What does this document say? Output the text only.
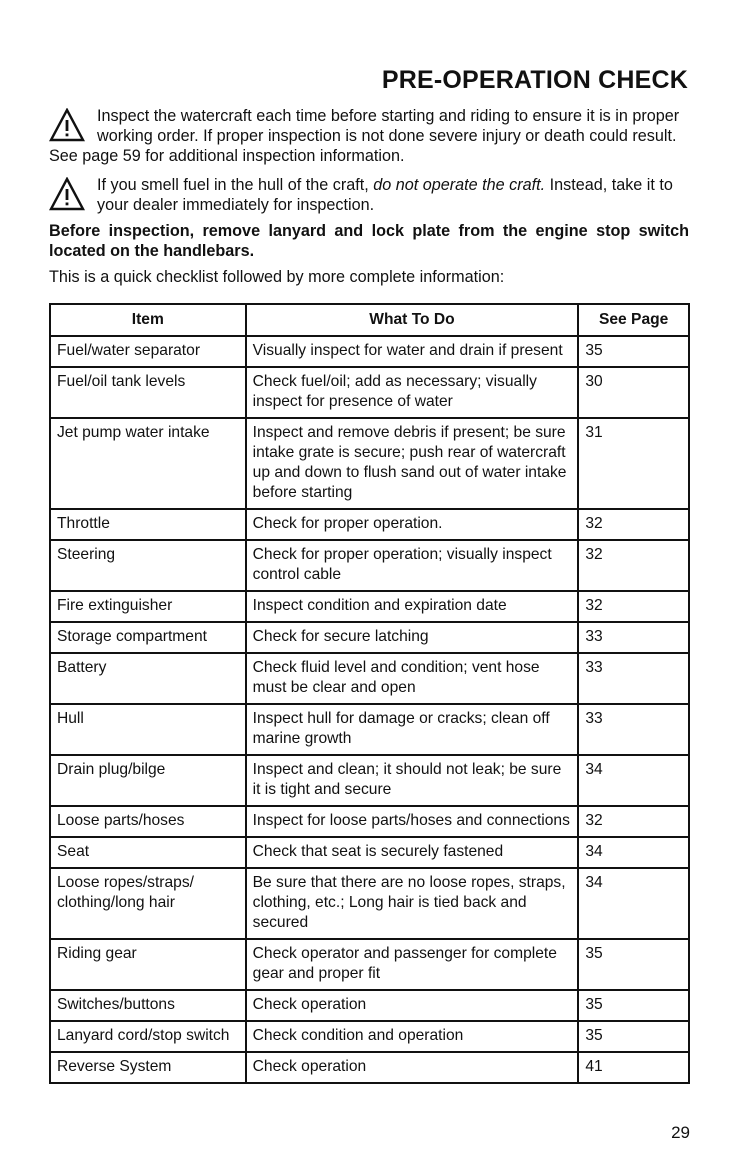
PRE-OPERATION CHECK
Inspect the watercraft each time before starting and riding to ensure it is in proper working order. If proper inspection is not done severe injury or death could result. See page 59 for additional inspection information.
If you smell fuel in the hull of the craft, do not operate the craft. Instead, take it to your dealer immediately for inspection.

Before inspection, remove lanyard and lock plate from the engine stop switch located on the handlebars.

This is a quick checklist followed by more complete information:

Item	What To Do	See Page
Fuel/water separator	Visually inspect for water and drain if present	35
Fuel/oil tank levels	Check fuel/oil; add as necessary; visually inspect for presence of water	30
Jet pump water intake	Inspect and remove debris if present; be sure intake grate is secure; push rear of watercraft up and down to flush sand out of water intake before starting	31
Throttle	Check for proper operation.	32
Steering	Check for proper operation; visually inspect control cable	32
Fire extinguisher	Inspect condition and expiration date	32
Storage compartment	Check for secure latching	33
Battery	Check fluid level and condition; vent hose must be clear and open	33
Hull	Inspect hull for damage or cracks; clean off marine growth	33
Drain plug/bilge	Inspect and clean; it should not leak; be sure it is tight and secure	34
Loose parts/hoses	Inspect for loose parts/hoses and connections	32
Seat	Check that seat is securely fastened	34
Loose ropes/straps/ clothing/long hair	Be sure that there are no loose ropes, straps, clothing, etc.; Long hair is tied back and secured	34
Riding gear	Check operator and passenger for complete gear and proper fit	35
Switches/buttons	Check operation	35
Lanyard cord/stop switch	Check condition and operation	35
Reverse System	Check operation	41
29
